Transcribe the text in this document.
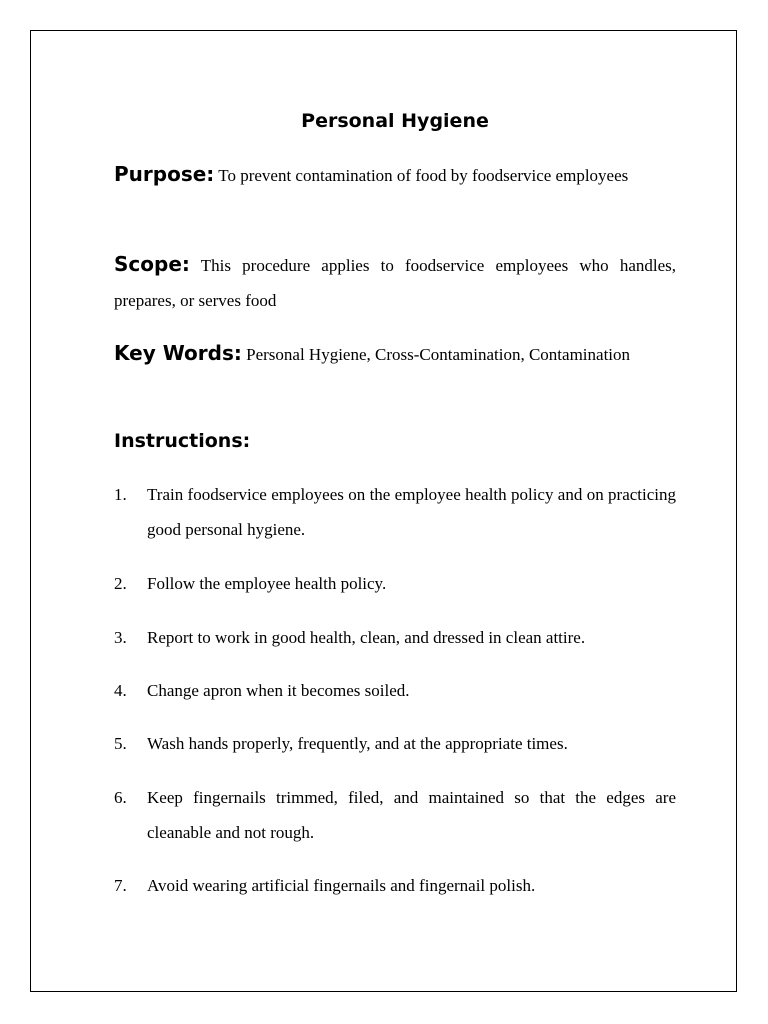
Personal Hygiene
Purpose: To prevent contamination of food by foodservice employees
Scope: This procedure applies to foodservice employees who handles, prepares, or serves food
Key Words: Personal Hygiene, Cross-Contamination, Contamination
Instructions:
1. Train foodservice employees on the employee health policy and on practicing good personal hygiene.
2. Follow the employee health policy.
3. Report to work in good health, clean, and dressed in clean attire.
4. Change apron when it becomes soiled.
5. Wash hands properly, frequently, and at the appropriate times.
6. Keep fingernails trimmed, filed, and maintained so that the edges are cleanable and not rough.
7. Avoid wearing artificial fingernails and fingernail polish.
